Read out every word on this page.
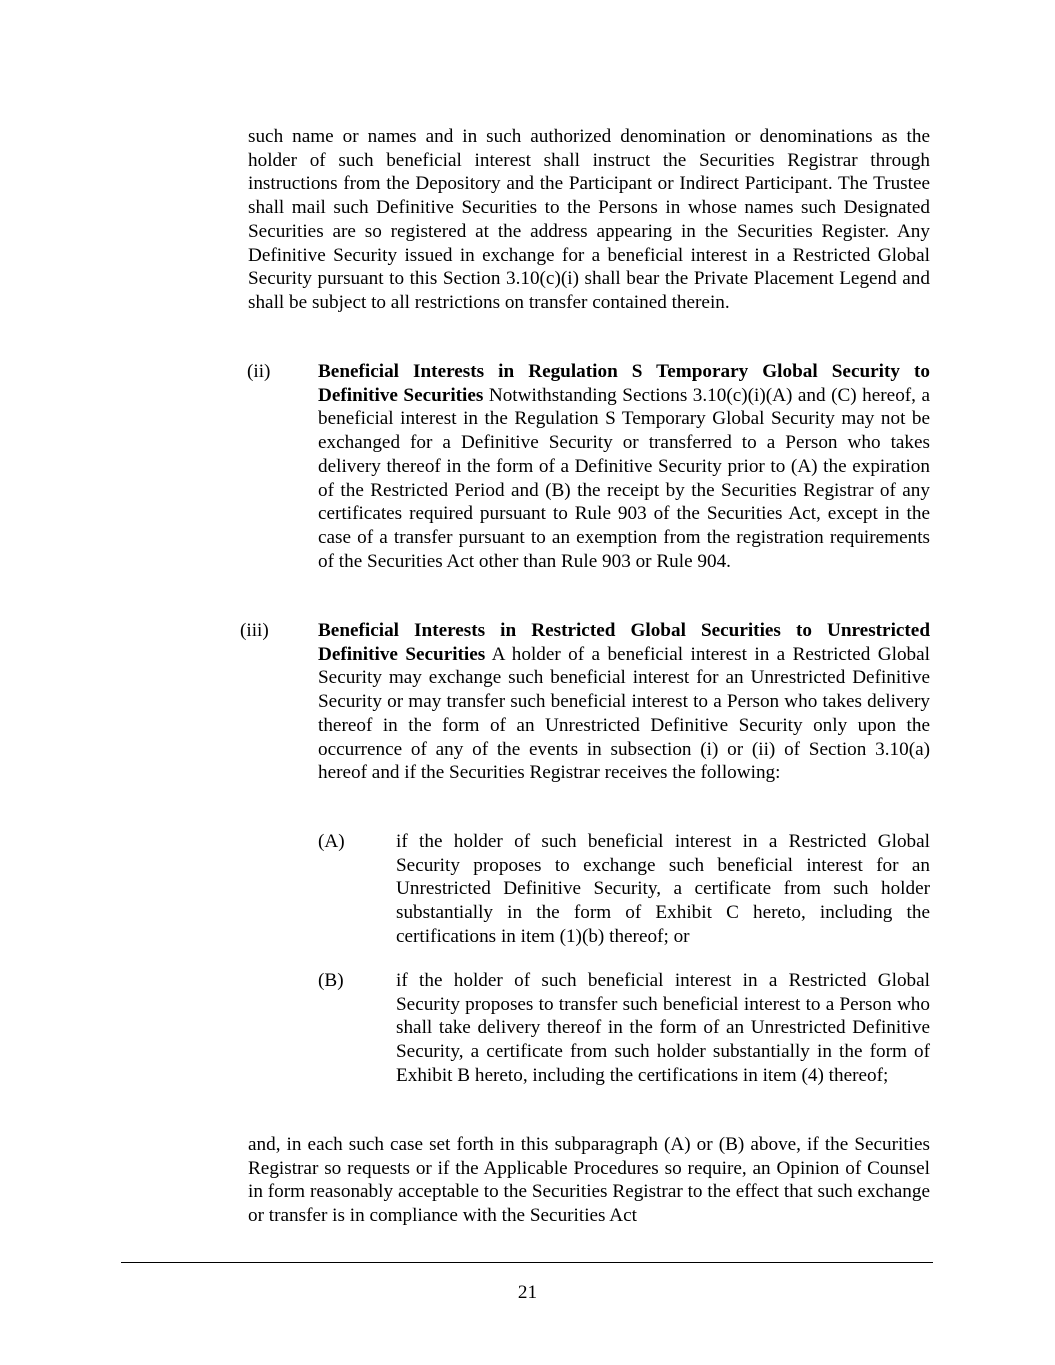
such name or names and in such authorized denomination or denominations as the holder of such beneficial interest shall instruct the Securities Registrar through instructions from the Depository and the Participant or Indirect Participant. The Trustee shall mail such Definitive Securities to the Persons in whose names such Designated Securities are so registered at the address appearing in the Securities Register. Any Definitive Security issued in exchange for a beneficial interest in a Restricted Global Security pursuant to this Section 3.10(c)(i) shall bear the Private Placement Legend and shall be subject to all restrictions on transfer contained therein.

(ii) Beneficial Interests in Regulation S Temporary Global Security to Definitive Securities Notwithstanding Sections 3.10(c)(i)(A) and (C) hereof, a beneficial interest in the Regulation S Temporary Global Security may not be exchanged for a Definitive Security or transferred to a Person who takes delivery thereof in the form of a Definitive Security prior to (A) the expiration of the Restricted Period and (B) the receipt by the Securities Registrar of any certificates required pursuant to Rule 903 of the Securities Act, except in the case of a transfer pursuant to an exemption from the registration requirements of the Securities Act other than Rule 903 or Rule 904.

(iii)	Beneficial Interests in Restricted Global Securities to Unrestricted Definitive Securities A holder of a beneficial interest in a Restricted Global Security may exchange such beneficial interest for an Unrestricted Definitive Security or may transfer such beneficial interest to a Person who takes delivery thereof in the form of an Unrestricted Definitive Security only upon the occurrence of any of the events in subsection (i) or (ii) of Section 3.10(a) hereof and if the Securities Registrar receives the following:

(A)	if the holder of such beneficial interest in a Restricted Global Security proposes to exchange such beneficial interest for an Unrestricted Definitive Security, a certificate from such holder substantially in the form of Exhibit C hereto, including the certifications in item (1)(b) thereof; or

(B)	if the holder of such beneficial interest in a Restricted Global Security proposes to transfer such beneficial interest to a Person who shall take delivery thereof in the form of an Unrestricted Definitive Security, a certificate from such holder substantially in the form of Exhibit B hereto, including the certifications in item (4) thereof;

and, in each such case set forth in this subparagraph (A) or (B) above, if the Securities Registrar so requests or if the Applicable Procedures so require, an Opinion of Counsel in form reasonably acceptable to the Securities Registrar to the effect that such exchange or transfer is in compliance with the Securities Act

21
